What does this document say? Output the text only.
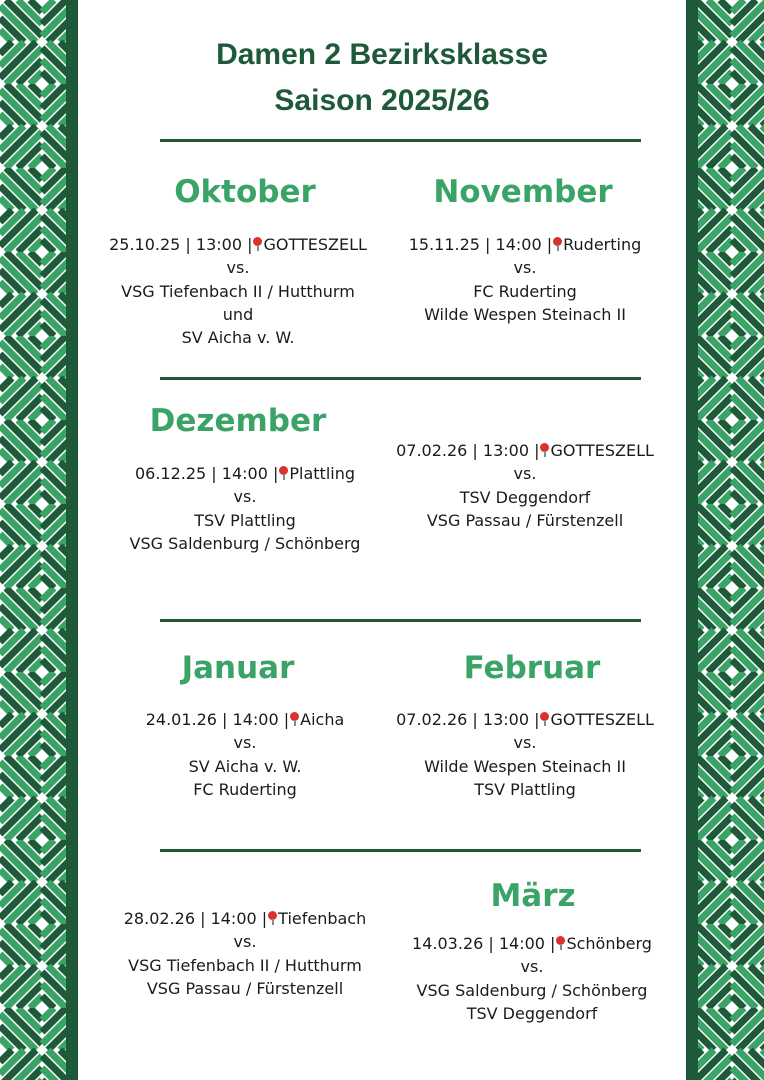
Damen 2 Bezirksklasse
Saison 2025/26
Oktober
25.10.25 | 13:00 | GOTTESZELL
vs.
VSG Tiefenbach II / Hutthurm
und
SV Aicha v. W.
November
15.11.25 | 14:00 | Ruderting
vs.
FC Ruderting
Wilde Wespen Steinach II
Dezember
06.12.25 | 14:00 | Plattling
vs.
TSV Plattling
VSG Saldenburg / Schönberg
07.02.26 | 13:00 | GOTTESZELL
vs.
TSV Deggendorf
VSG Passau / Fürstenzell
Januar
24.01.26 | 14:00 | Aicha
vs.
SV Aicha v. W.
FC Ruderting
Februar
07.02.26 | 13:00 | GOTTESZELL
vs.
Wilde Wespen Steinach II
TSV Plattling
28.02.26 | 14:00 | Tiefenbach
vs.
VSG Tiefenbach II / Hutthurm
VSG Passau / Fürstenzell
März
14.03.26 | 14:00 | Schönberg
vs.
VSG Saldenburg / Schönberg
TSV Deggendorf
